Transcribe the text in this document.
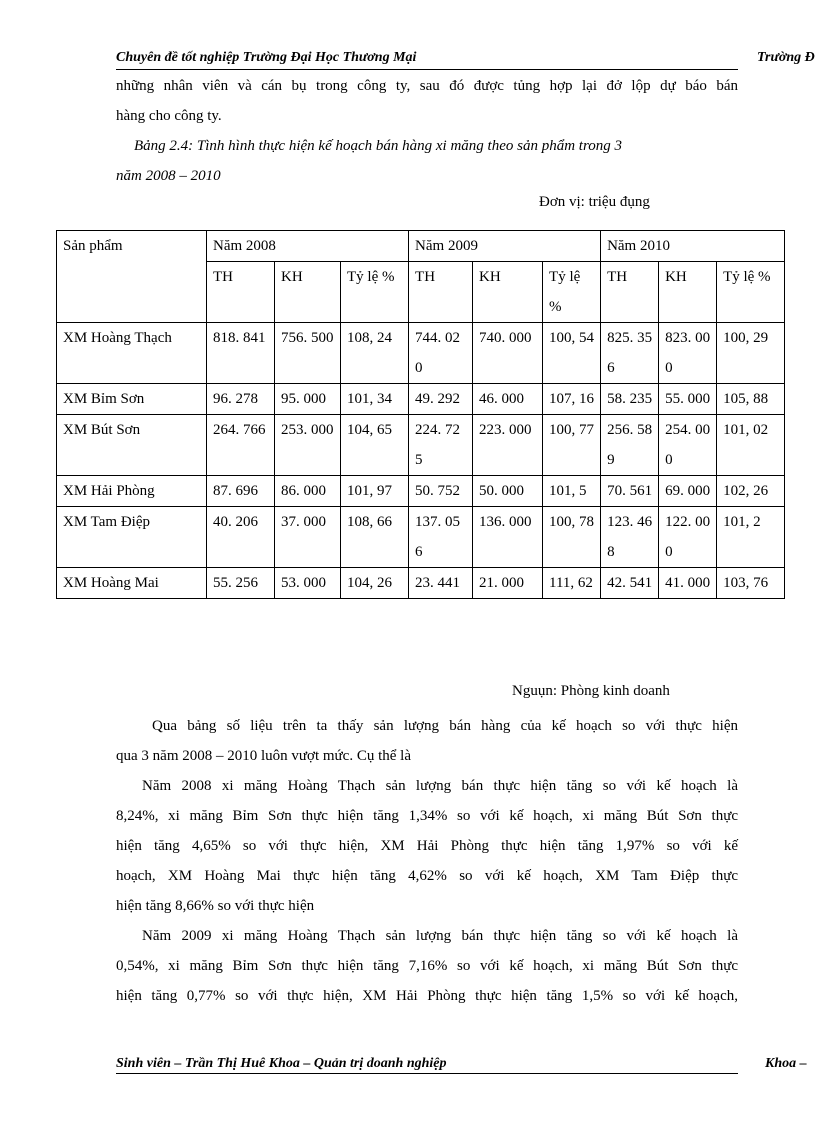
Chuyên đề tốt nghiệp Trường Đại Học Thương Mại	Trường Đ
những nhân viên và cán bụ trong công ty, sau đó được tủng hợp lại đở lộp dự báo bán
hàng cho công ty.
Bảng 2.4: Tình hình thực hiện kế hoạch bán hàng xi măng theo sản phẩm trong 3
năm 2008 – 2010
Đơn vị: triệu đụng
Sản phẩm	Năm 2008			Năm 2009			Năm 2010		
	TH	KH	Tỷ lệ %	TH	KH	Tỷ lệ %	TH	KH	Tỷ lệ %
XM Hoàng Thạch	818. 841	756. 500	108, 24	744. 020	740. 000	100, 54	825. 356	823. 000	100, 29
XM Bỉm Sơn	96. 278	95. 000	101, 34	49. 292	46. 000	107, 16	58. 235	55. 000	105, 88
XM Bút Sơn	264. 766	253. 000	104, 65	224. 725	223. 000	100, 77	256. 589	254. 000	101, 02
XM Hải Phòng	87. 696	86. 000	101, 97	50. 752	50. 000	101, 5	70. 561	69. 000	102, 26
XM Tam Điệp	40. 206	37. 000	108, 66	137. 056	136. 000	100, 78	123. 468	122. 000	101, 2
XM Hoàng Mai	55. 256	53. 000	104, 26	23. 441	21. 000	111, 62	42. 541	41. 000	103, 76
Nguụn: Phòng kinh doanh
Qua bảng số liệu trên ta thấy sản lượng bán hàng của kế hoạch so với thực hiện
qua 3 năm 2008 – 2010 luôn vượt mức. Cụ thể là
Năm 2008 xi măng Hoàng Thạch sản lượng bán thực hiện tăng so với kế hoạch là
8,24%, xi măng Bỉm Sơn thực hiện tăng 1,34% so với kế hoạch, xi măng Bút Sơn thực
hiện tăng 4,65% so với thực hiện, XM Hải Phòng thực hiện tăng 1,97% so với kế
hoạch, XM Hoàng Mai thực hiện tăng 4,62% so với kế hoạch, XM Tam Điệp thực
hiện tăng 8,66% so với thực hiện
Năm 2009 xi măng Hoàng Thạch sản lượng bán thực hiện tăng so với kế hoạch là
0,54%, xi măng Bỉm Sơn thực hiện tăng 7,16% so với kế hoạch, xi măng Bút Sơn thực
hiện tăng 0,77% so với thực hiện, XM Hải Phòng thực hiện tăng 1,5% so với kế hoạch,
Sinh viên – Trần Thị Huê Khoa – Quản trị doanh nghiệp	Khoa –
